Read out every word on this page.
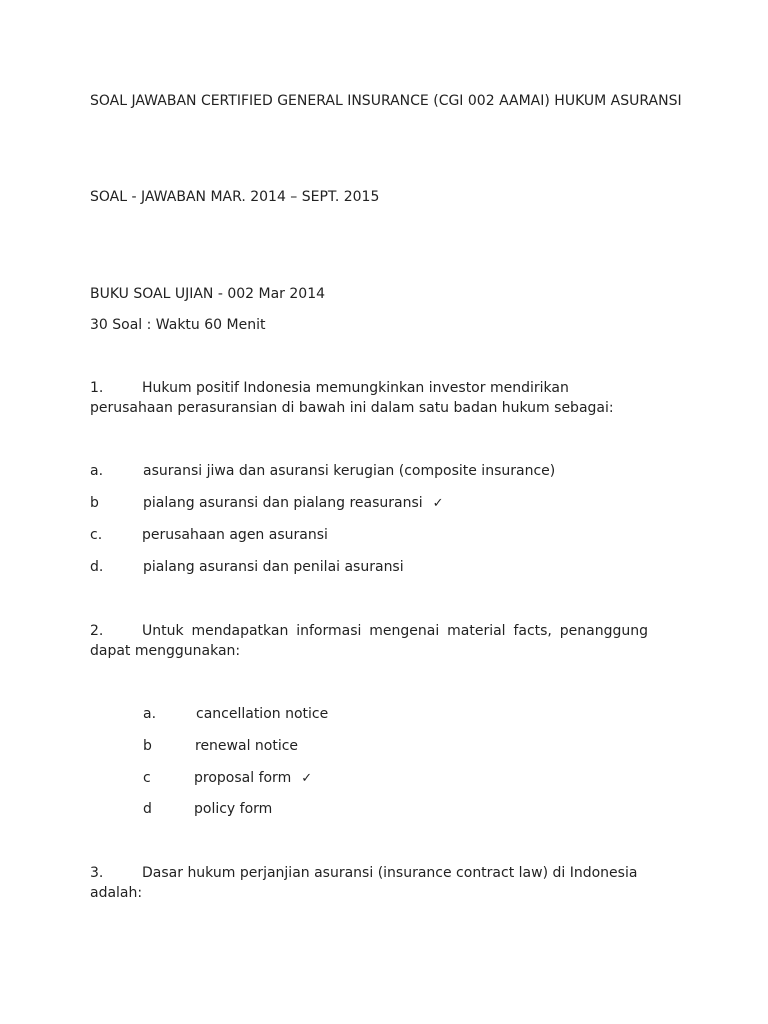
SOAL JAWABAN CERTIFIED GENERAL INSURANCE (CGI 002 AAMAI) HUKUM ASURANSI
SOAL - JAWABAN MAR. 2014 – SEPT. 2015
BUKU SOAL UJIAN - 002 Mar 2014
30 Soal : Waktu 60 Menit
1.	Hukum positif Indonesia memungkinkan investor mendirikan perusahaan perasuransian di bawah ini dalam satu badan hukum sebagai:
a.	asuransi jiwa dan asuransi kerugian (composite insurance)
b	pialang asuransi dan pialang reasuransi ✓
c.	perusahaan agen asuransi
d.	pialang asuransi dan penilai asuransi
2.	Untuk mendapatkan informasi mengenai material facts, penanggung dapat menggunakan:
a.	cancellation notice
b	renewal notice
c	proposal form ✓
d	policy form
3.	Dasar hukum perjanjian asuransi (insurance contract law) di Indonesia adalah:
